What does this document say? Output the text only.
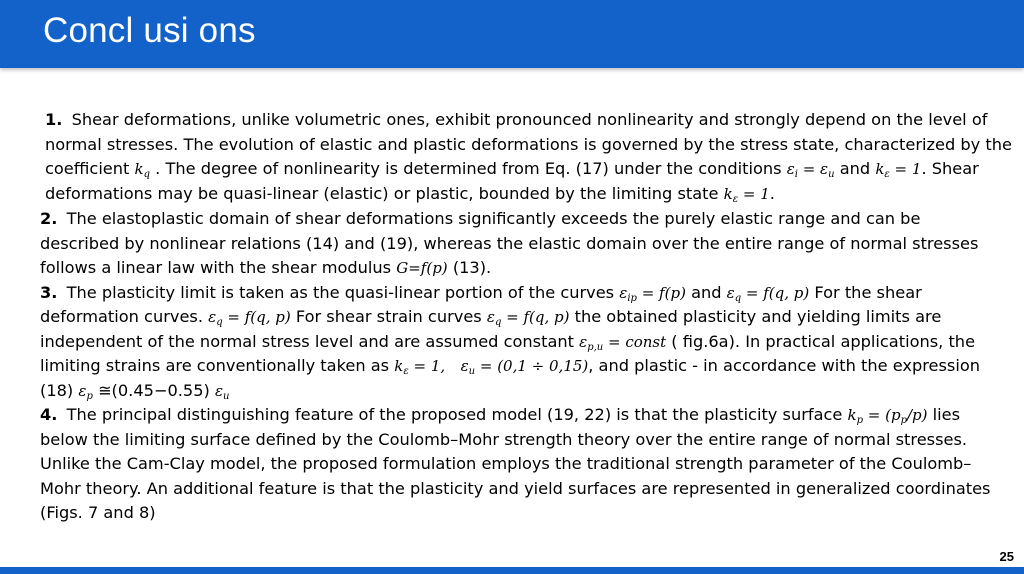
Concl usi ons

1. Shear deformations, unlike volumetric ones, exhibit pronounced nonlinearity and strongly depend on the level of normal stresses. The evolution of elastic and plastic deformations is governed by the stress state, characterized by the coefficient $k_q$ . The degree of nonlinearity is determined from Eq. (17) under the conditions $\varepsilon_i = \varepsilon_u$ and $k_\varepsilon = 1$. Shear deformations may be quasi-linear (elastic) or plastic, bounded by the limiting state $k_\varepsilon = 1$.

2. The elastoplastic domain of shear deformations significantly exceeds the purely elastic range and can be described by nonlinear relations (14) and (19), whereas the elastic domain over the entire range of normal stresses follows a linear law with the shear modulus G=f(p) (13).
3. The plasticity limit is taken as the quasi-linear portion of the curves $\varepsilon_{ip} = f(p)$ and $\varepsilon_q = f(q$, p) For the shear deformation curves. $\varepsilon_q = f(q$, p) For shear strain curves $\varepsilon_q = f(q$, p) the obtained plasticity and yielding limits are independent of the normal stress level and are assumed constant $\varepsilon_{p,u}$ = const ( fig.6a). In practical applications, the limiting strains are conventionally taken as $k_\varepsilon = 1$, $\varepsilon_u = (0,1 \div 0,15)$, and plastic - in accordance with the expression (18) $\varepsilon_p$ ≅(0.45−0.55) $\varepsilon_u$
4. The principal distinguishing feature of the proposed model (19, 22) is that the plasticity surface $k_p = (p_p/p)$ lies below the limiting surface defined by the Coulomb–Mohr strength theory over the entire range of normal stresses. Unlike the Cam-Clay model, the proposed formulation employs the traditional strength parameter of the Coulomb–Mohr theory. An additional feature is that the plasticity and yield surfaces are represented in generalized coordinates (Figs. 7 and 8)

25
